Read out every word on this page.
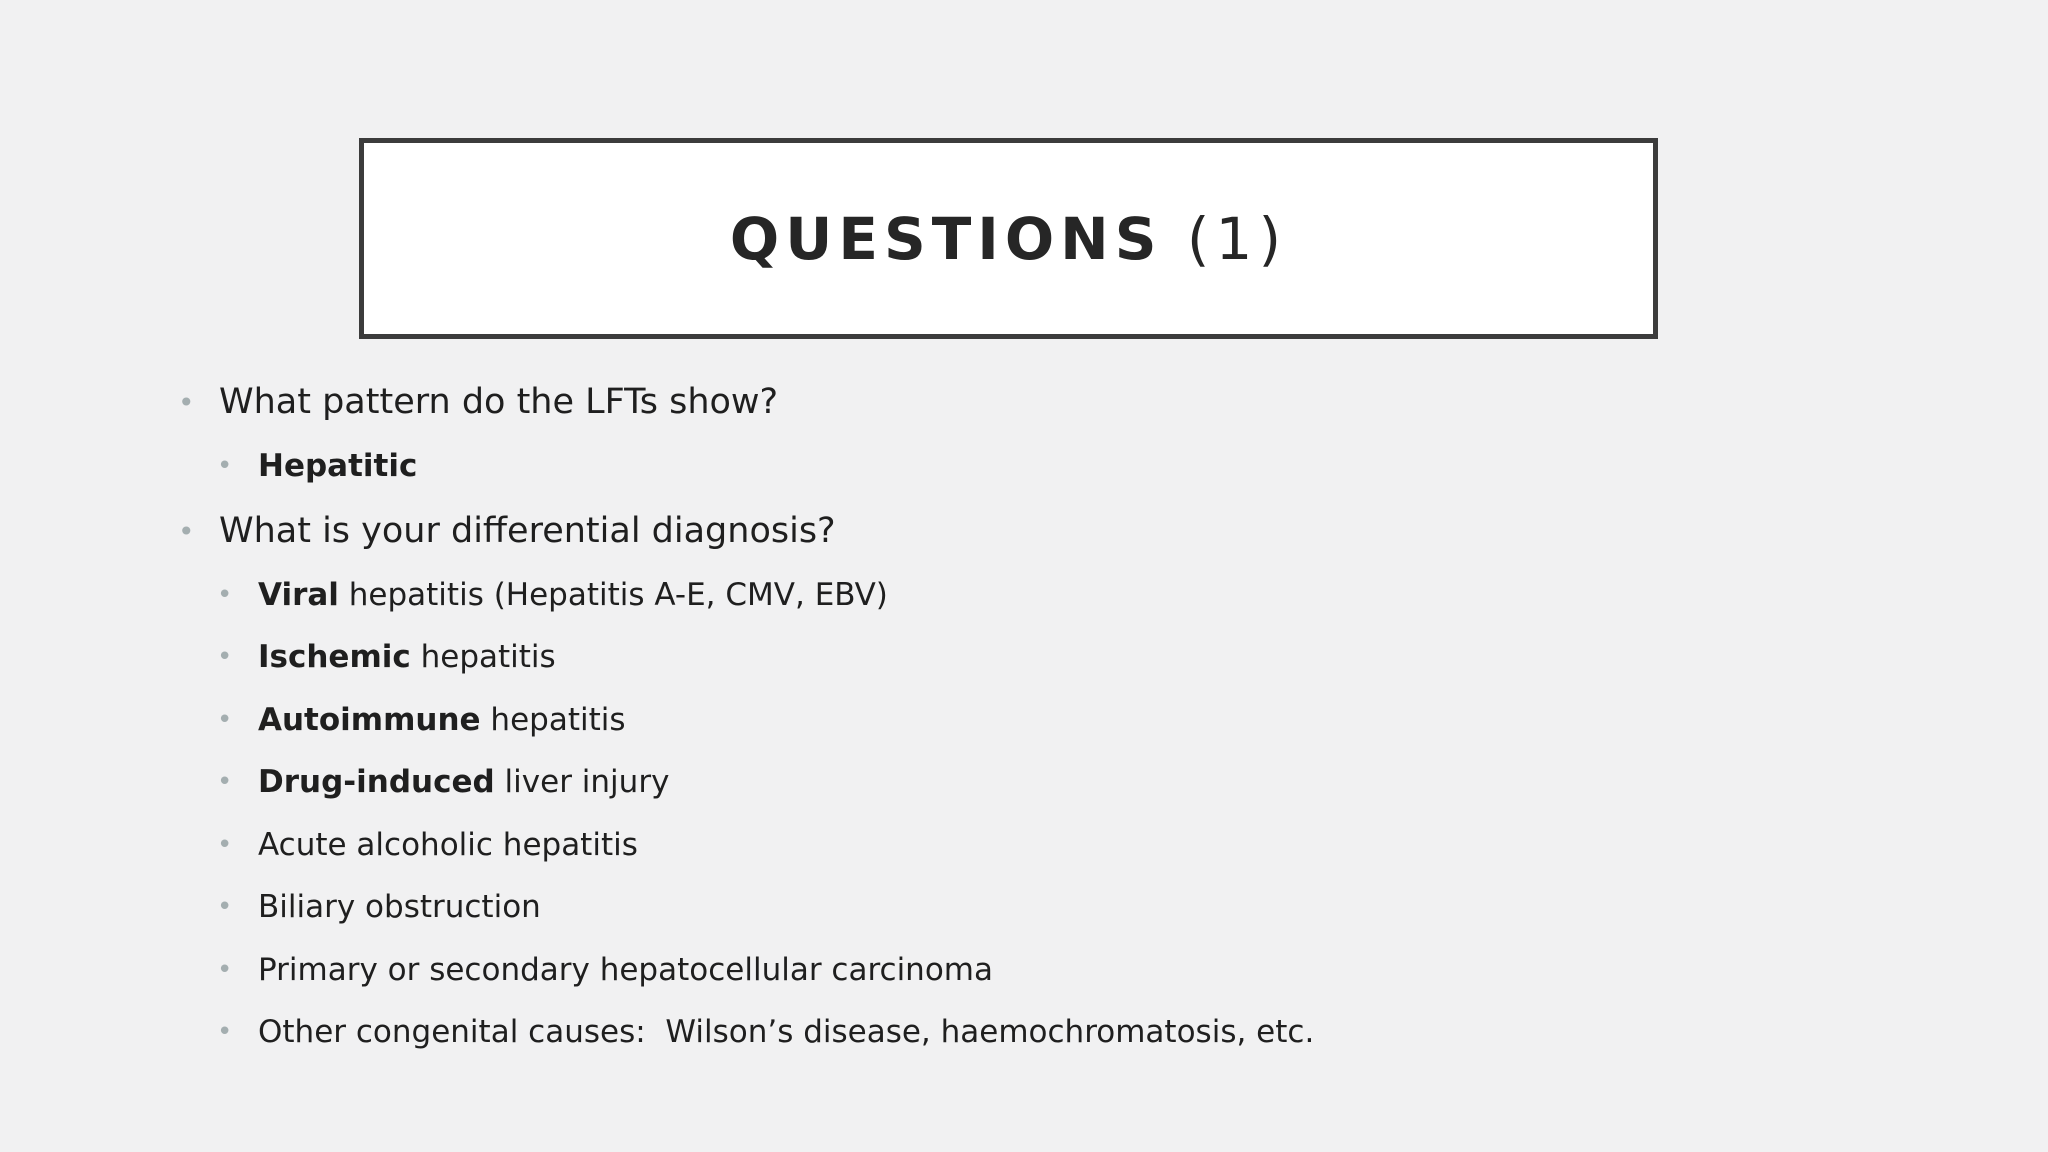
QUESTIONS (1)
• What pattern do the LFTs show?
• Hepatitic
• What is your differential diagnosis?
• Viral hepatitis (Hepatitis A-E, CMV, EBV)
• Ischemic hepatitis
• Autoimmune hepatitis
• Drug-induced liver injury
• Acute alcoholic hepatitis
• Biliary obstruction
• Primary or secondary hepatocellular carcinoma
• Other congenital causes:  Wilson’s disease, haemochromatosis, etc.
